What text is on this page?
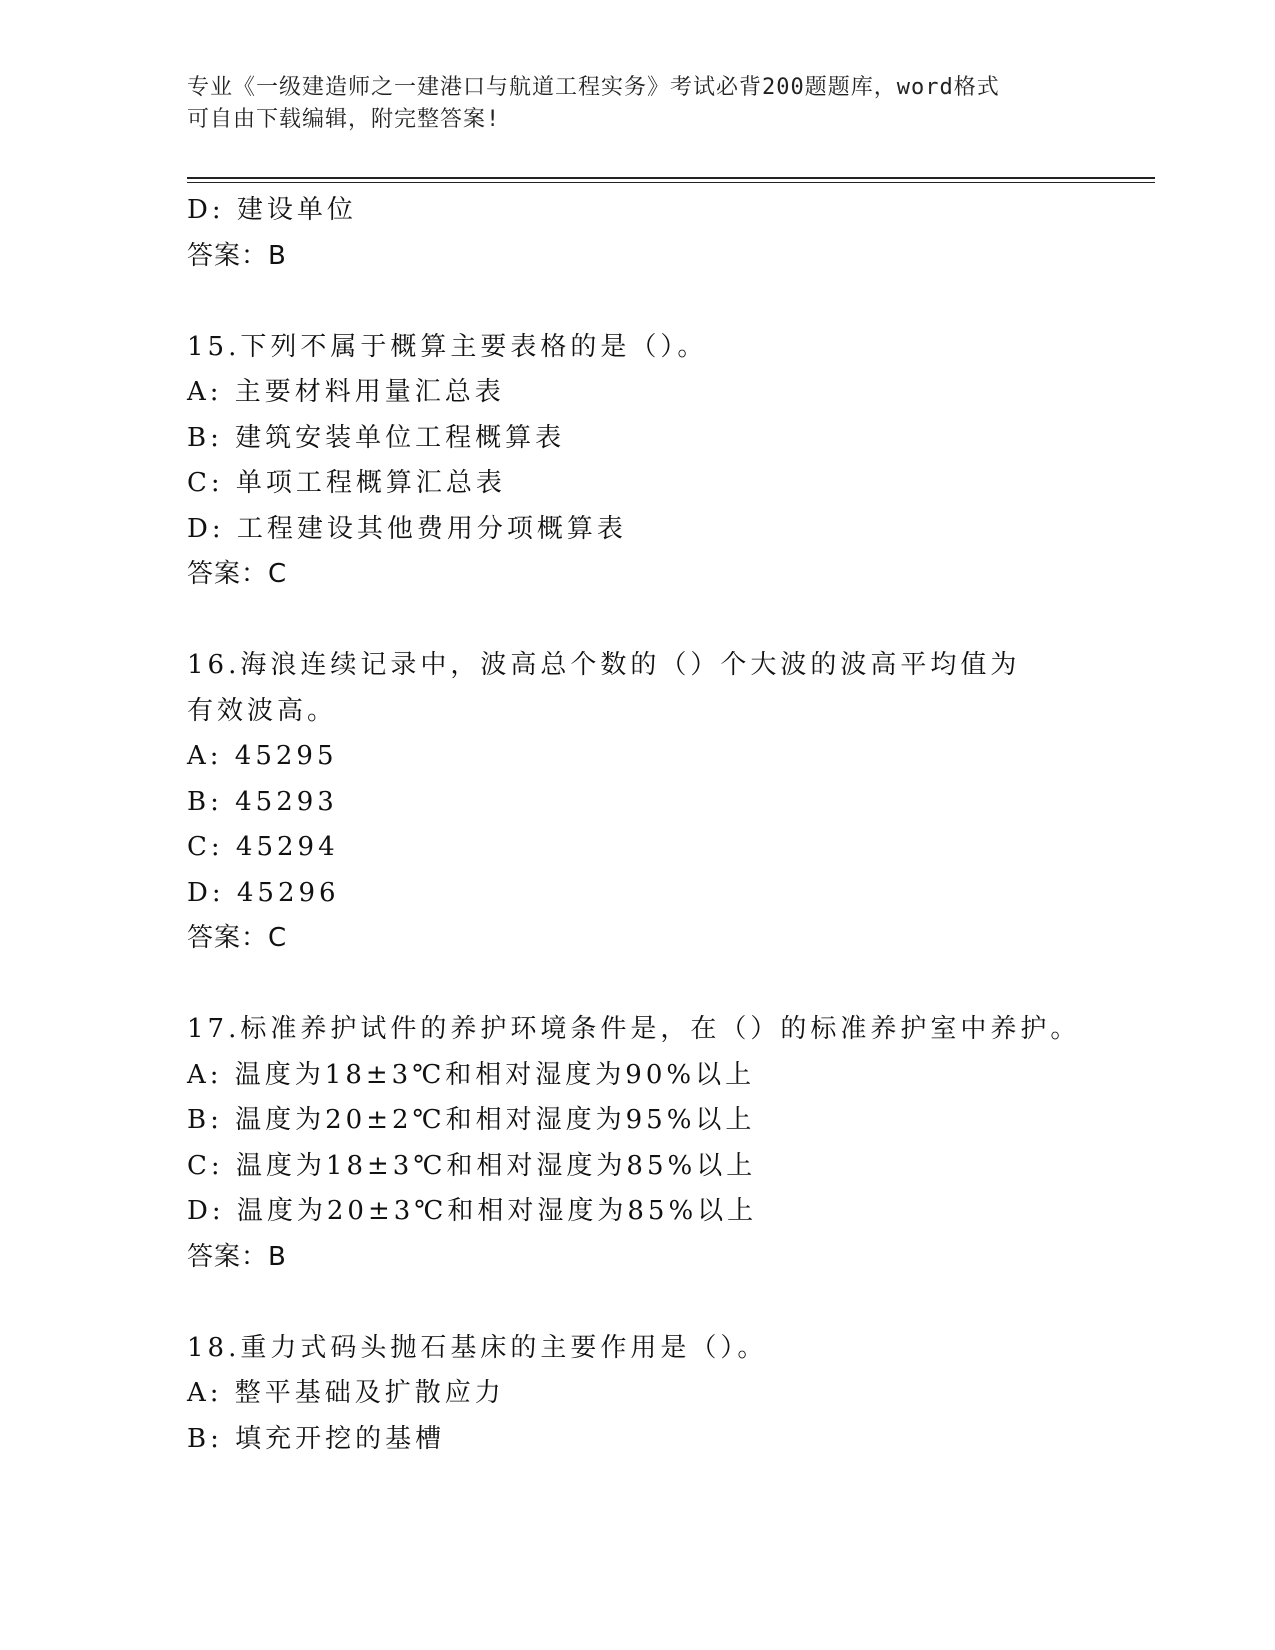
专业《一级建造师之一建港口与航道工程实务》考试必背200题题库，word格式
可自由下载编辑，附完整答案!
D: 建设单位
答案：B
15.下列不属于概算主要表格的是（）。
A: 主要材料用量汇总表
B: 建筑安装单位工程概算表
C: 单项工程概算汇总表
D: 工程建设其他费用分项概算表
答案：C
16.海浪连续记录中，波高总个数的（）个大波的波高平均值为有效波高。
A: 45295
B: 45293
C: 45294
D: 45296
答案：C
17.标准养护试件的养护环境条件是，在（）的标准养护室中养护。
A: 温度为18±3℃和相对湿度为90%以上
B: 温度为20±2℃和相对湿度为95%以上
C: 温度为18±3℃和相对湿度为85%以上
D: 温度为20±3℃和相对湿度为85%以上
答案：B
18.重力式码头抛石基床的主要作用是（）。
A: 整平基础及扩散应力
B: 填充开挖的基槽
